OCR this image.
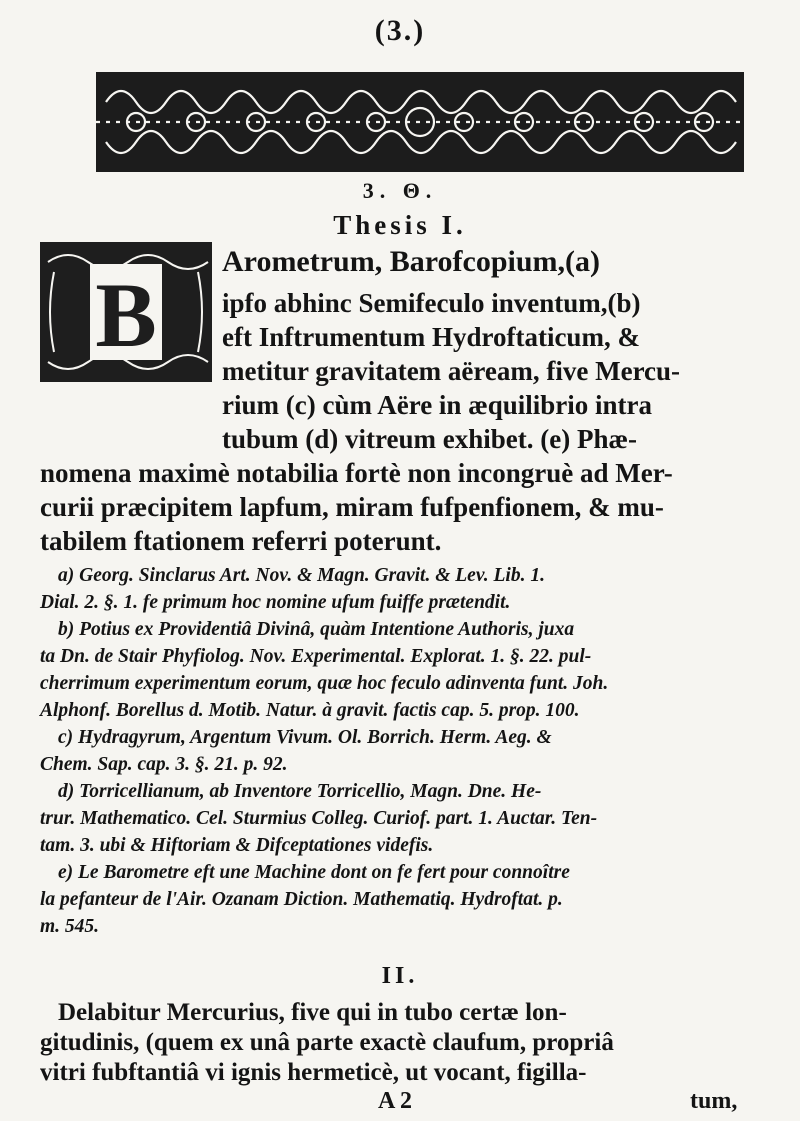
(3.)
3. Θ.
Thesis I.
B
Arometrum, Barofcopium,(a)
ipfo abhinc Semifeculo inventum,(b)
eft Inftrumentum Hydroftaticum, &
metitur gravitatem aëream, five Mercu-
rium (c) cùm Aëre in æquilibrio intra
tubum (d) vitreum exhibet. (e) Phæ-
nomena maximè notabilia fortè non incongruè ad Mer-
curii præcipitem lapfum, miram fufpenfionem, & mu-
tabilem ftationem referri poterunt.
a) Georg. Sinclarus Art. Nov. & Magn. Gravit. & Lev. Lib. 1.
Dial. 2. §. 1. fe primum hoc nomine ufum fuiffe prætendit.
b) Potius ex Providentiâ Divinâ, quàm Intentione Authoris, juxa
ta Dn. de Stair Phyfiolog. Nov. Experimental. Explorat. 1. §. 22. pul-
cherrimum experimentum eorum, quæ hoc feculo adinventa funt. Joh.
Alphonf. Borellus d. Motib. Natur. à gravit. factis cap. 5. prop. 100.
c) Hydragyrum, Argentum Vivum. Ol. Borrich. Herm. Aeg. &
Chem. Sap. cap. 3. §. 21. p. 92.
d) Torricellianum, ab Inventore Torricellio, Magn. Dne. He-
trur. Mathematico. Cel. Sturmius Colleg. Curiof. part. 1. Auctar. Ten-
tam. 3. ubi & Hiftoriam & Difceptationes videfis.
e) Le Barometre eft une Machine dont on fe fert pour connoître
la pefanteur de l'Air. Ozanam Diction. Mathematiq. Hydroftat. p.
m. 545.
II.
Delabitur Mercurius, five qui in tubo certæ lon-
gitudinis, (quem ex unâ parte exactè claufum, propriâ
vitri fubftantiâ vi ignis hermeticè, ut vocant, figilla-
A 2	tum,
